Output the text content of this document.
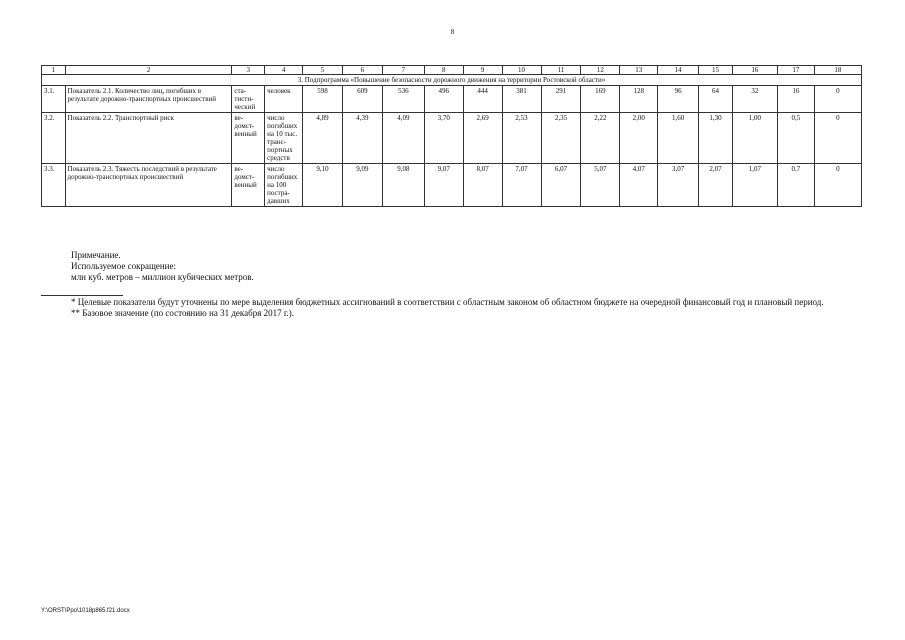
8
1	2	3	4	5	6	7	8	9	10	11	12	13	14	15	16	17	18
3. Подпрограмма «Повышение безопасности дорожного движения на территории Ростовской области»																	
3.1.	Показатель 2.1. Количество лиц, погибших в результате дорожно-транспортных происшествий	ста-тисти-ческий	человек	598	609	536	496	444	381	291	169	128	96	64	32	16	0
3.2.	Показатель 2.2. Транспортный риск	ве-домст-венный	число погибших на 10 тыс. транс-портных средств	4,89	4,39	4,09	3,70	2,69	2,53	2,35	2,22	2,00	1,60	1,30	1,00	0,5	0
3.3.	Показатель 2.3. Тяжесть последствий в результате дорожно-транспортных происшествий	ве-домст-венный	число погибших на 100 постра-давших	9,10	9,09	9,08	9,07	8,07	7,07	6,07	5,07	4,07	3,07	2,07	1,07	0,7	0
Примечание.
Используемое сокращение:
млн куб. метров – миллион кубических метров.

* Целевые показатели будут уточнены по мере выделения бюджетных ассигнований в соответствии с областным законом об областном бюджете на очередной финансовый год и плановый период.

** Базовое значение (по состоянию на 31 декабря 2017 г.).

Y:\ORST\Ppo\1018p865.f21.docx
